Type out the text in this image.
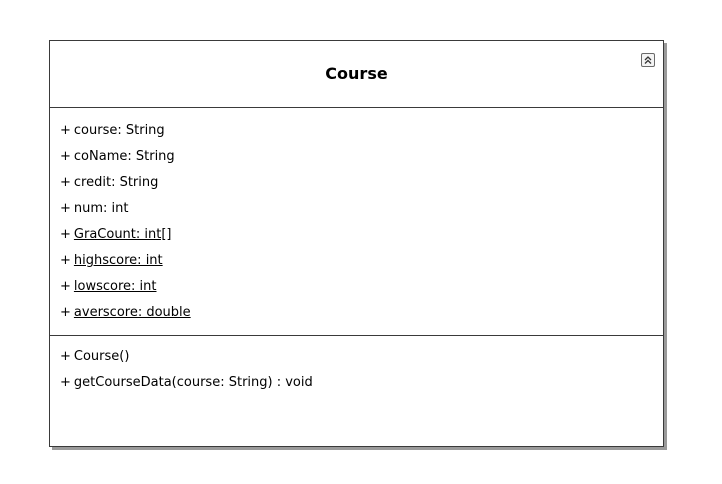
Course
+ course: String
+ coName: String
+ credit: String
+ num: int
+ GraCount: int[]
+ highscore: int
+ lowscore: int
+ averscore: double
+ Course()
+ getCourseData(course: String) : void
